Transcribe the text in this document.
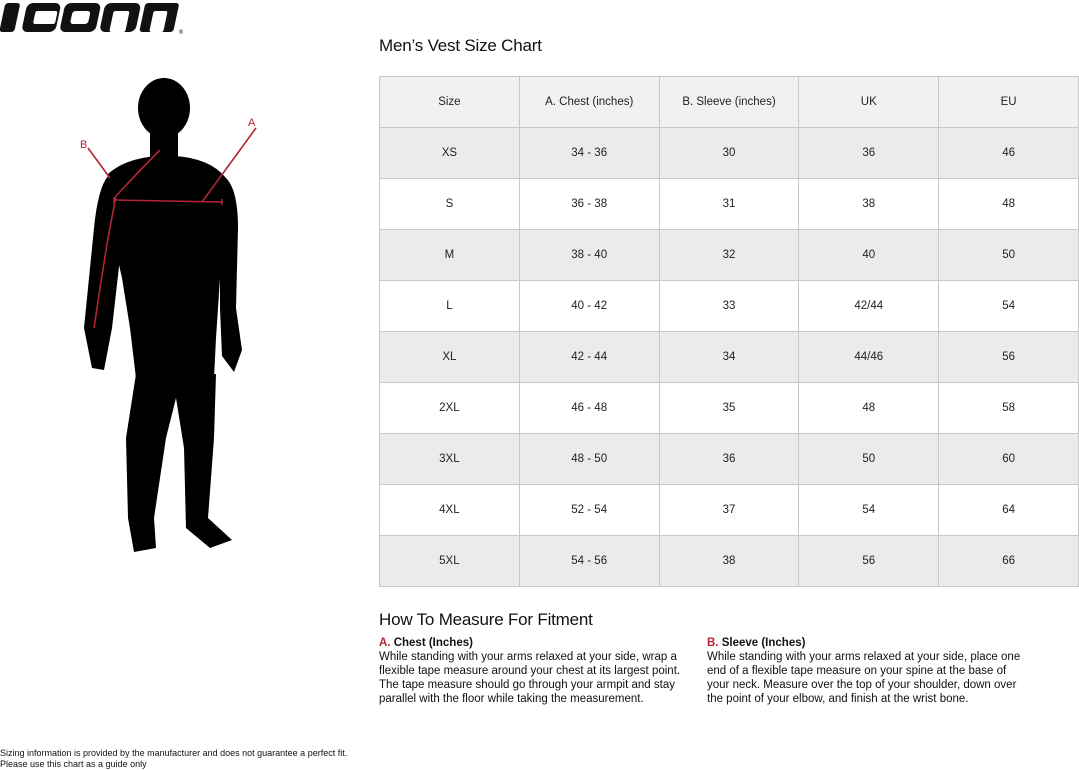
®
A
B
Men’s Vest Size Chart
Size	A. Chest (inches)	B. Sleeve (inches)	UK	EU
XS	34 - 36	30	36	46
S	36 - 38	31	38	48
M	38 - 40	32	40	50
L	40 - 42	33	42/44	54
XL	42 - 44	34	44/46	56
2XL	46 - 48	35	48	58
3XL	48 - 50	36	50	60
4XL	52 - 54	37	54	64
5XL	54 - 56	38	56	66
How To Measure For Fitment
A. Chest (Inches)
While standing with your arms relaxed at your side, wrap a
flexible tape measure around your chest at its largest point.
The tape measure should go through your armpit and stay
parallel with the floor while taking the measurement.
B. Sleeve (Inches)
While standing with your arms relaxed at your side, place one
end of a flexible tape measure on your spine at the base of
your neck. Measure over the top of your shoulder, down over
the point of your elbow, and finish at the wrist bone.
Sizing information is provided by the manufacturer and does not guarantee a perfect fit.
Please use this chart as a guide only
